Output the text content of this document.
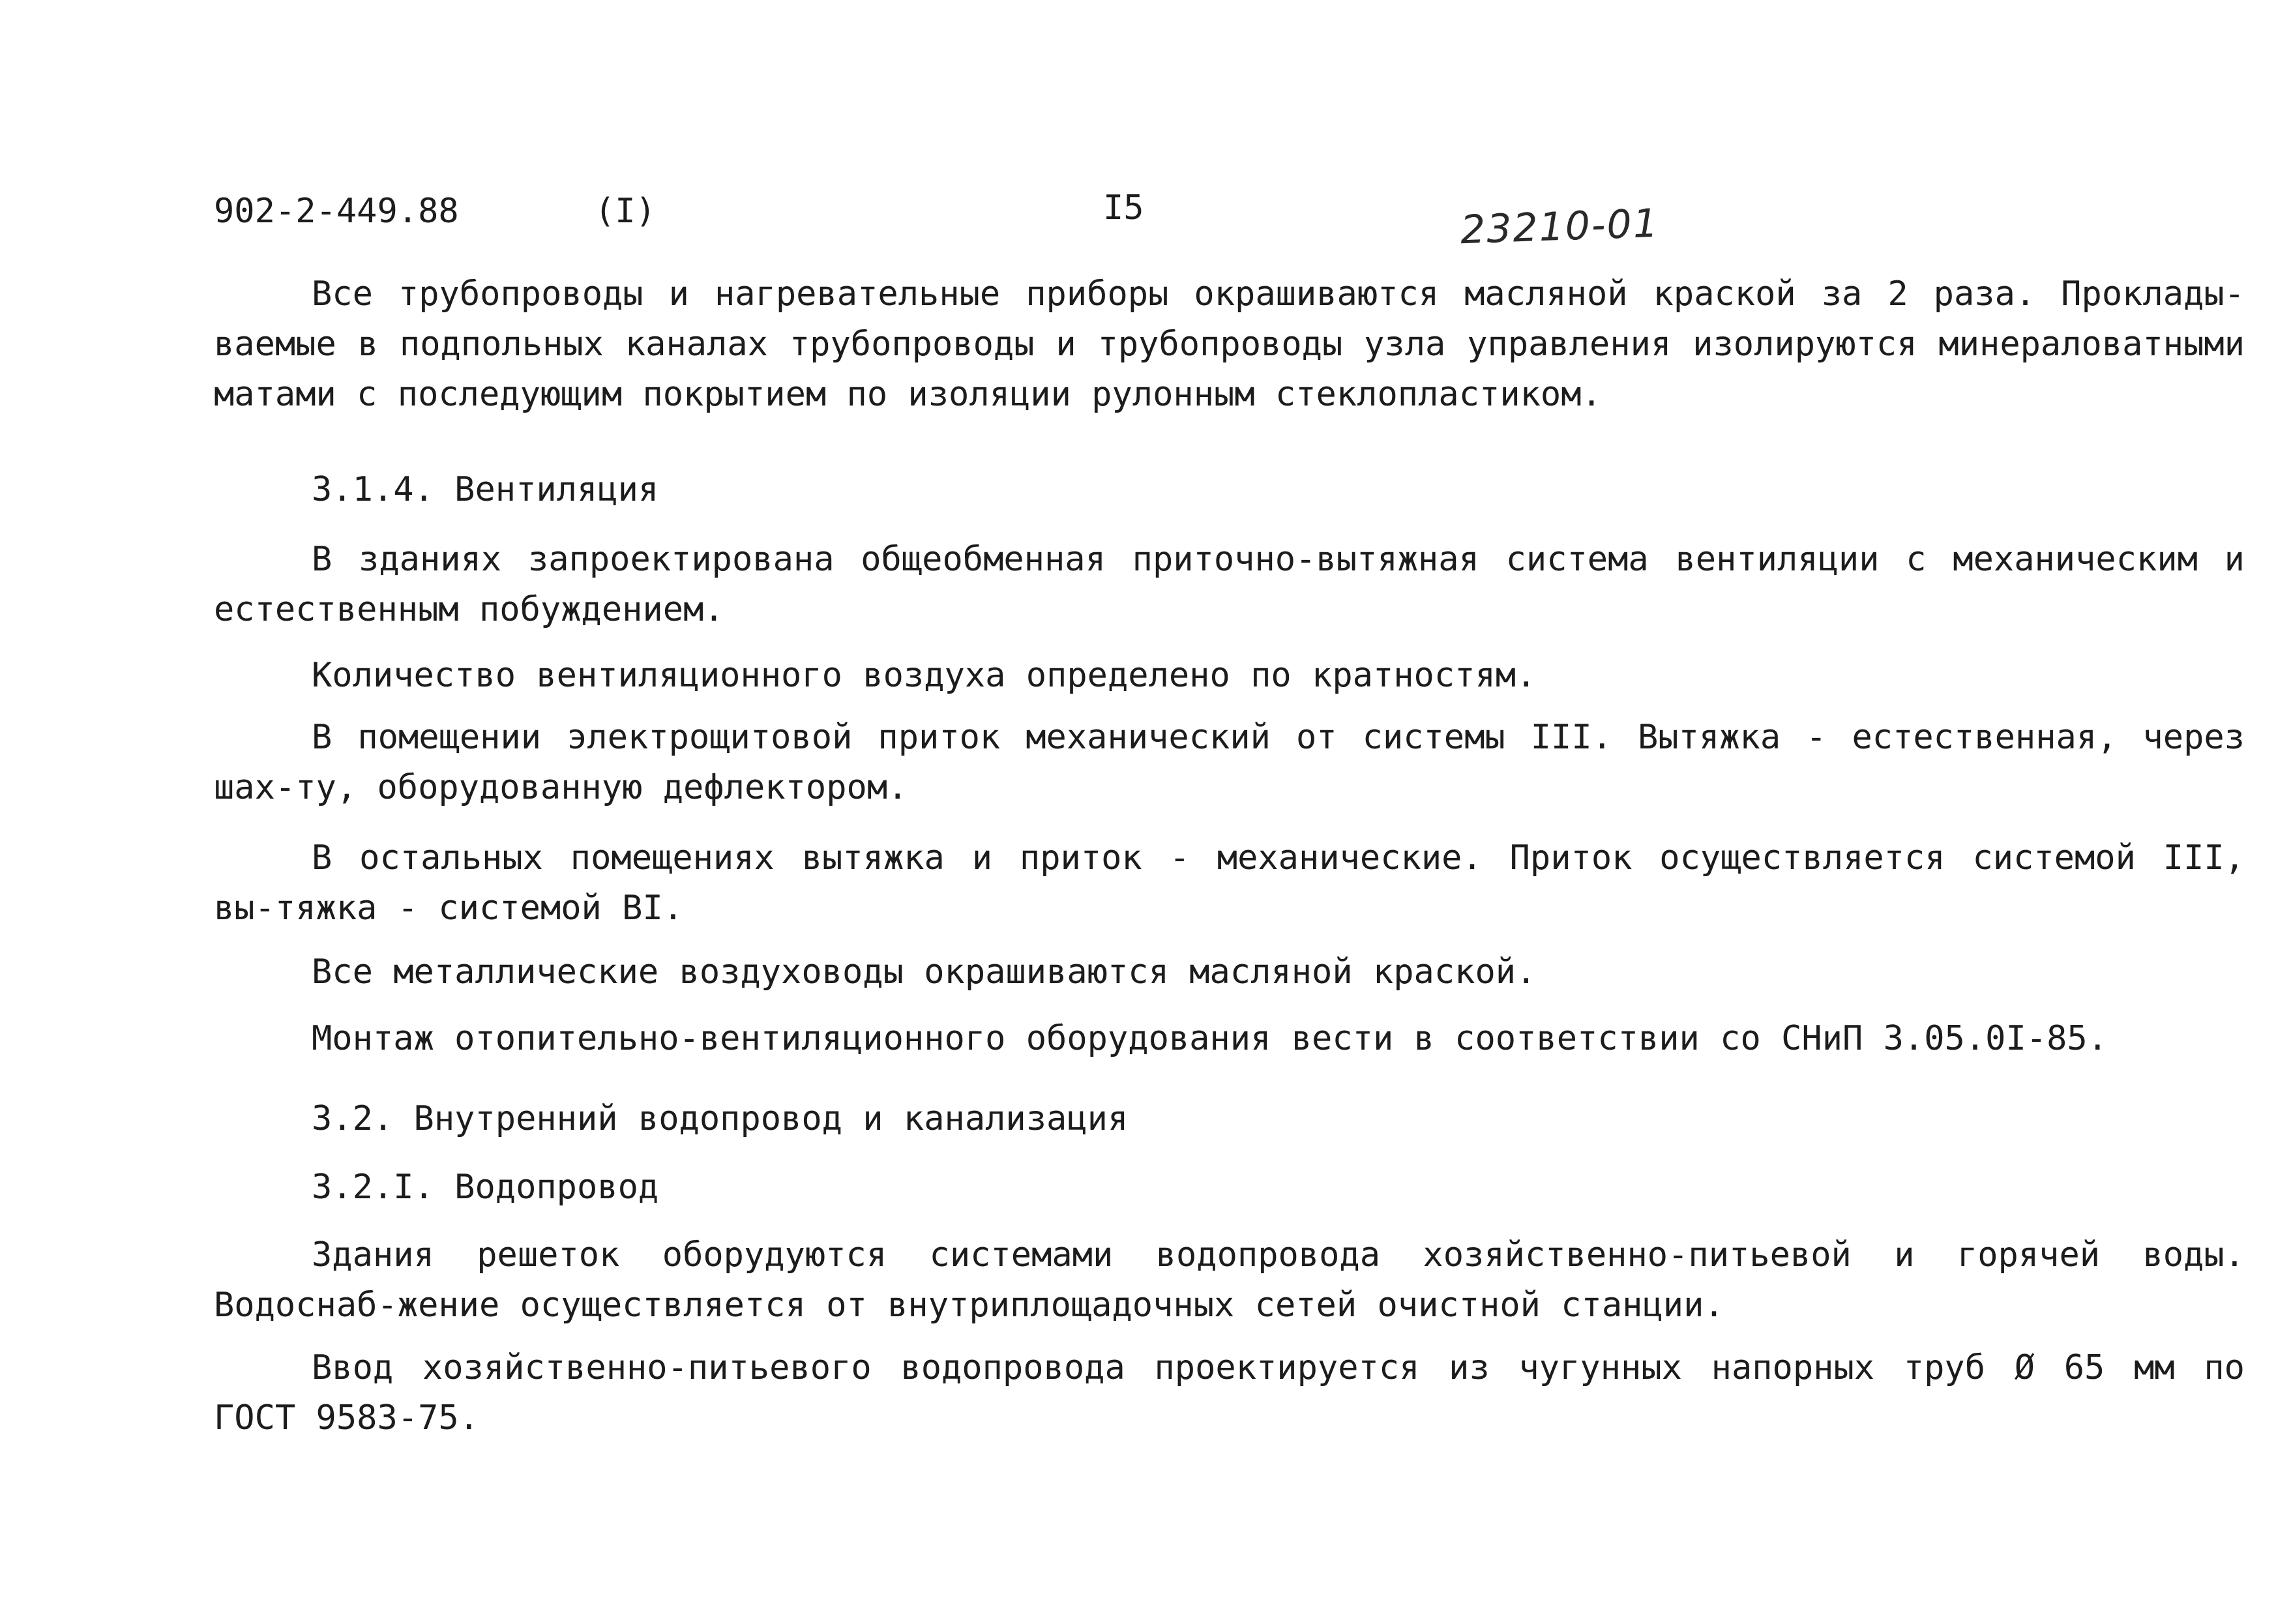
902-2-449.88	(I)	I5	23210-01

Все трубопроводы и нагревательные приборы окрашиваются масляной краской за 2 раза. Проклады-ваемые в подпольных каналах трубопроводы и трубопроводы узла управления изолируются минераловатными матами с последующим покрытием по изоляции рулонным стеклопластиком.

3.1.4. Вентиляция

В зданиях запроектирована общеобменная приточно-вытяжная система вентиляции с механическим и естественным побуждением.

Количество вентиляционного воздуха определено по кратностям.

В помещении электрощитовой приток механический от системы III. Вытяжка - естественная, через шах-ту, оборудованную дефлектором.

В остальных помещениях вытяжка и приток - механические. Приток осуществляется системой III, вы-тяжка - системой BI.

Все металлические воздуховоды окрашиваются масляной краской.
Монтаж отопительно-вентиляционного оборудования вести в соответствии со СНиП 3.05.0I-85.
3.2. Внутренний водопровод и канализация
3.2.I. Водопровод

Здания решеток оборудуются системами водопровода хозяйственно-питьевой и горячей воды. Водоснаб-жение осуществляется от внутриплощадочных сетей очистной станции.

Ввод хозяйственно-питьевого водопровода проектируется из чугунных напорных труб Ø 65 мм по ГОСТ 9583-75.
